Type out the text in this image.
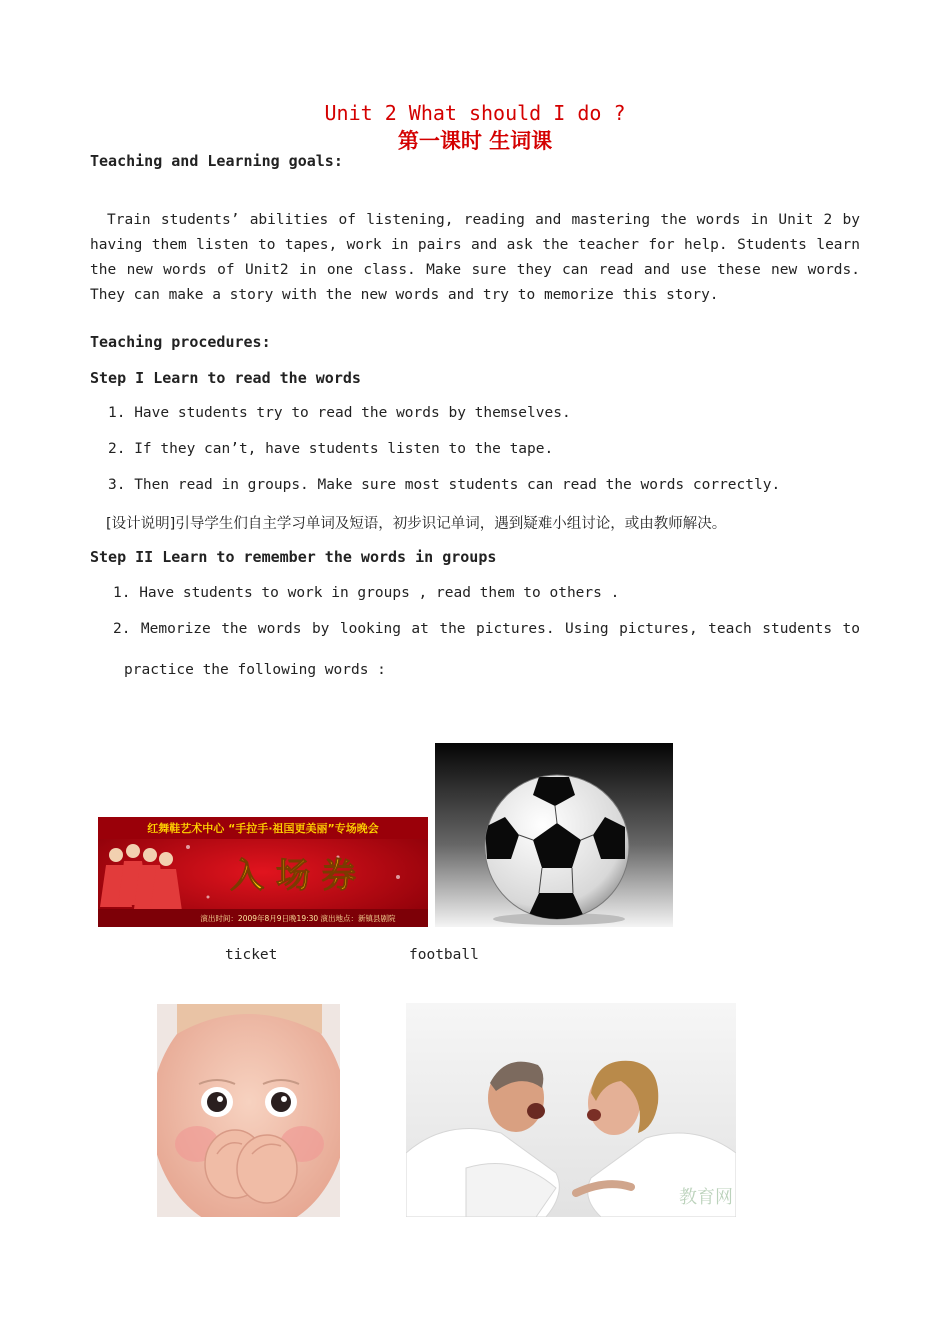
Unit 2 What should I do ?
第一课时 生词课
Teaching and Learning goals:
Train students’ abilities of listening, reading and mastering the words in Unit 2 by having them listen to tapes, work in pairs and ask the teacher for help. Students learn the new words of Unit2 in one class. Make sure they can read and use these new words. They can make a story with the new words and try to memorize this story.
Teaching procedures:
Step I Learn to read the words
1. Have students try to read the words by themselves.
2. If they can’t, have students listen to the tape.
3. Then read in groups. Make sure most students can read the words correctly.
[设计说明]引导学生们自主学习单词及短语，初步识记单词，遇到疑难小组讨论，或由教师解决。
Step II Learn to remember the words in groups
1. Have students to work in groups , read them to others .
2. Memorize the words by looking at the pictures. Using pictures, teach students to
practice the following words :
红舞鞋艺术中心 “手拉手·祖国更美丽”专场晚会
入 场 券
演出时间：2009年8月9日晚19:30 演出地点：新镇县剧院
ticket	football
教育网
